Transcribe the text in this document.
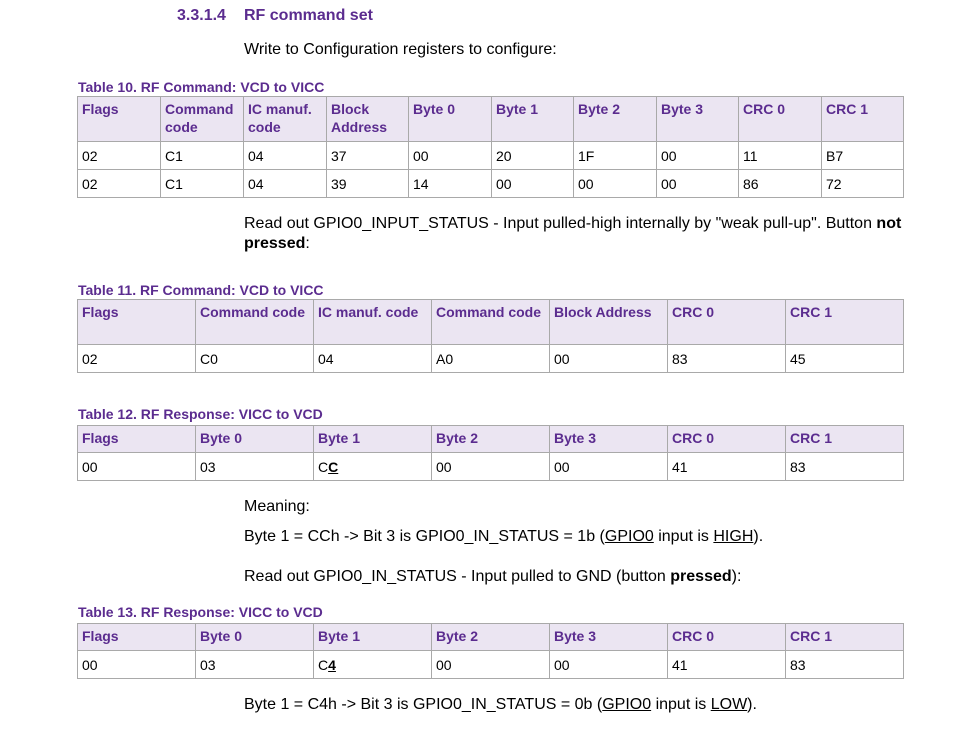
3.3.1.4 RF command set
Write to Configuration registers to configure:
Table 10. RF Command: VCD to VICC
Flags	Command code	IC manuf. code	Block Address	Byte 0	Byte 1	Byte 2	Byte 3	CRC 0	CRC 1
02	C1	04	37	00	20	1F	00	11	B7
02	C1	04	39	14	00	00	00	86	72
Read out GPIO0_INPUT_STATUS - Input pulled-high internally by "weak pull-up". Button not pressed:
Table 11. RF Command: VCD to VICC
Flags	Command code	IC manuf. code	Command code	Block Address	CRC 0	CRC 1
02	C0	04	A0	00	83	45
Table 12. RF Response: VICC to VCD
Flags	Byte 0	Byte 1	Byte 2	Byte 3	CRC 0	CRC 1
00	03	CC	00	00	41	83
Meaning:
Byte 1 = CCh -> Bit 3 is GPIO0_IN_STATUS = 1b (GPIO0 input is HIGH).
Read out GPIO0_IN_STATUS - Input pulled to GND (button pressed):
Table 13. RF Response: VICC to VCD
Flags	Byte 0	Byte 1	Byte 2	Byte 3	CRC 0	CRC 1
00	03	C4	00	00	41	83
Byte 1 = C4h -> Bit 3 is GPIO0_IN_STATUS = 0b (GPIO0 input is LOW).
